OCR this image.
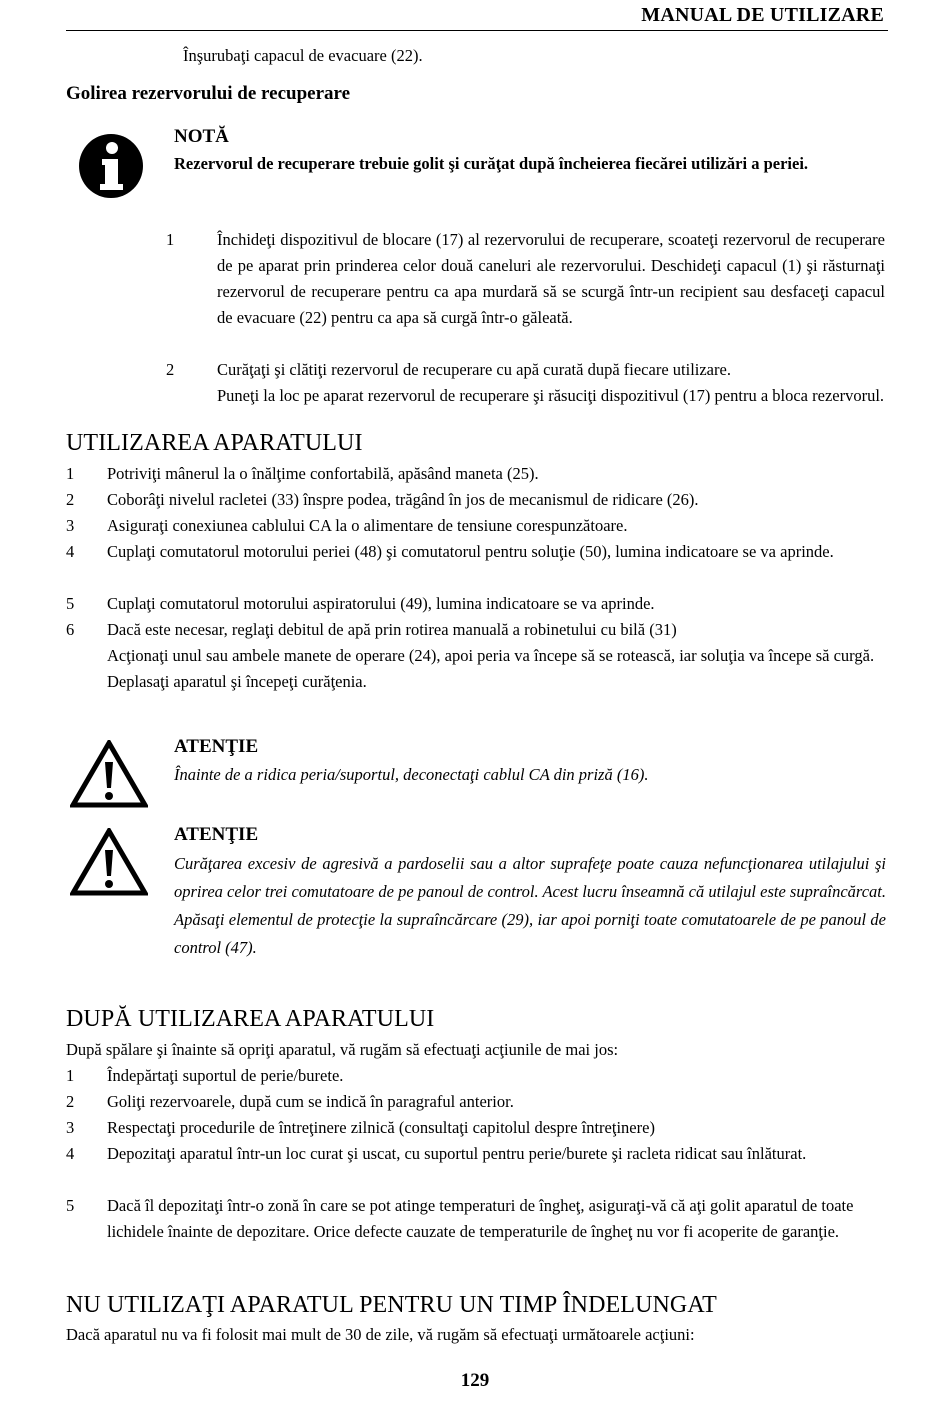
MANUAL DE UTILIZARE
Înşurubaţi capacul de evacuare (22).
Golirea rezervorului de recuperare
NOTĂ
Rezervorul de recuperare trebuie golit şi curăţat după încheierea fiecărei utilizări a periei.
1	Închideţi dispozitivul de blocare (17) al rezervorului de recuperare, scoateţi rezervorul de recuperare de pe aparat prin prinderea celor două caneluri ale rezervorului. Deschideţi capacul (1) şi răsturnaţi rezervorul de recuperare pentru ca apa murdară să se scurgă într-un recipient sau desfaceţi capacul de evacuare (22) pentru ca apa să curgă într-o găleată.
2	Curăţaţi şi clătiţi rezervorul de recuperare cu apă curată după fiecare utilizare.
Puneţi la loc pe aparat rezervorul de recuperare şi răsuciţi dispozitivul (17) pentru a bloca rezervorul.
UTILIZAREA APARATULUI
1 Potriviţi mânerul la o înălţime confortabilă, apăsând maneta (25).
2 Coborâţi nivelul racletei (33) înspre podea, trăgând în jos de mecanismul de ridicare (26).
3 Asiguraţi conexiunea cablului CA la o alimentare de tensiune corespunzătoare.
4 Cuplaţi comutatorul motorului periei (48) şi comutatorul pentru soluţie (50), lumina indicatoare se va aprinde.
5 Cuplaţi comutatorul motorului aspiratorului (49), lumina indicatoare se va aprinde.
6 Dacă este necesar, reglaţi debitul de apă prin rotirea manuală a robinetului cu bilă (31)
Acţionaţi unul sau ambele manete de operare (24), apoi peria va începe să se rotească, iar soluţia va începe să curgă. Deplasaţi aparatul şi începeţi curăţenia.
ATENŢIE
Înainte de a ridica peria/suportul, deconectaţi cablul CA din priză (16).
ATENŢIE
Curăţarea excesiv de agresivă a pardoselii sau a altor suprafeţe poate cauza nefuncţionarea utilajului şi oprirea celor trei comutatoare de pe panoul de control. Acest lucru înseamnă că utilajul este supraîncărcat. Apăsaţi elementul de protecţie la supraîncărcare (29), iar apoi porniţi toate comutatoarele de pe panoul de control (47).
DUPĂ UTILIZAREA APARATULUI
După spălare şi înainte să opriţi aparatul, vă rugăm să efectuaţi acţiunile de mai jos:
1 Îndepărtaţi suportul de perie/burete.
2 Goliţi rezervoarele, după cum se indică în paragraful anterior.
3 Respectaţi procedurile de întreţinere zilnică (consultaţi capitolul despre întreţinere)
4 Depozitaţi aparatul într-un loc curat şi uscat, cu suportul pentru perie/burete şi racleta ridicat sau înlăturat.
5 Dacă îl depozitaţi într-o zonă în care se pot atinge temperaturi de îngheţ, asiguraţi-vă că aţi golit aparatul de toate lichidele înainte de depozitare. Orice defecte cauzate de temperaturile de îngheţ nu vor fi acoperite de garanţie.
NU UTILIZAŢI APARATUL PENTRU UN TIMP ÎNDELUNGAT
Dacă aparatul nu va fi folosit mai mult de 30 de zile, vă rugăm să efectuaţi următoarele acţiuni:
129
